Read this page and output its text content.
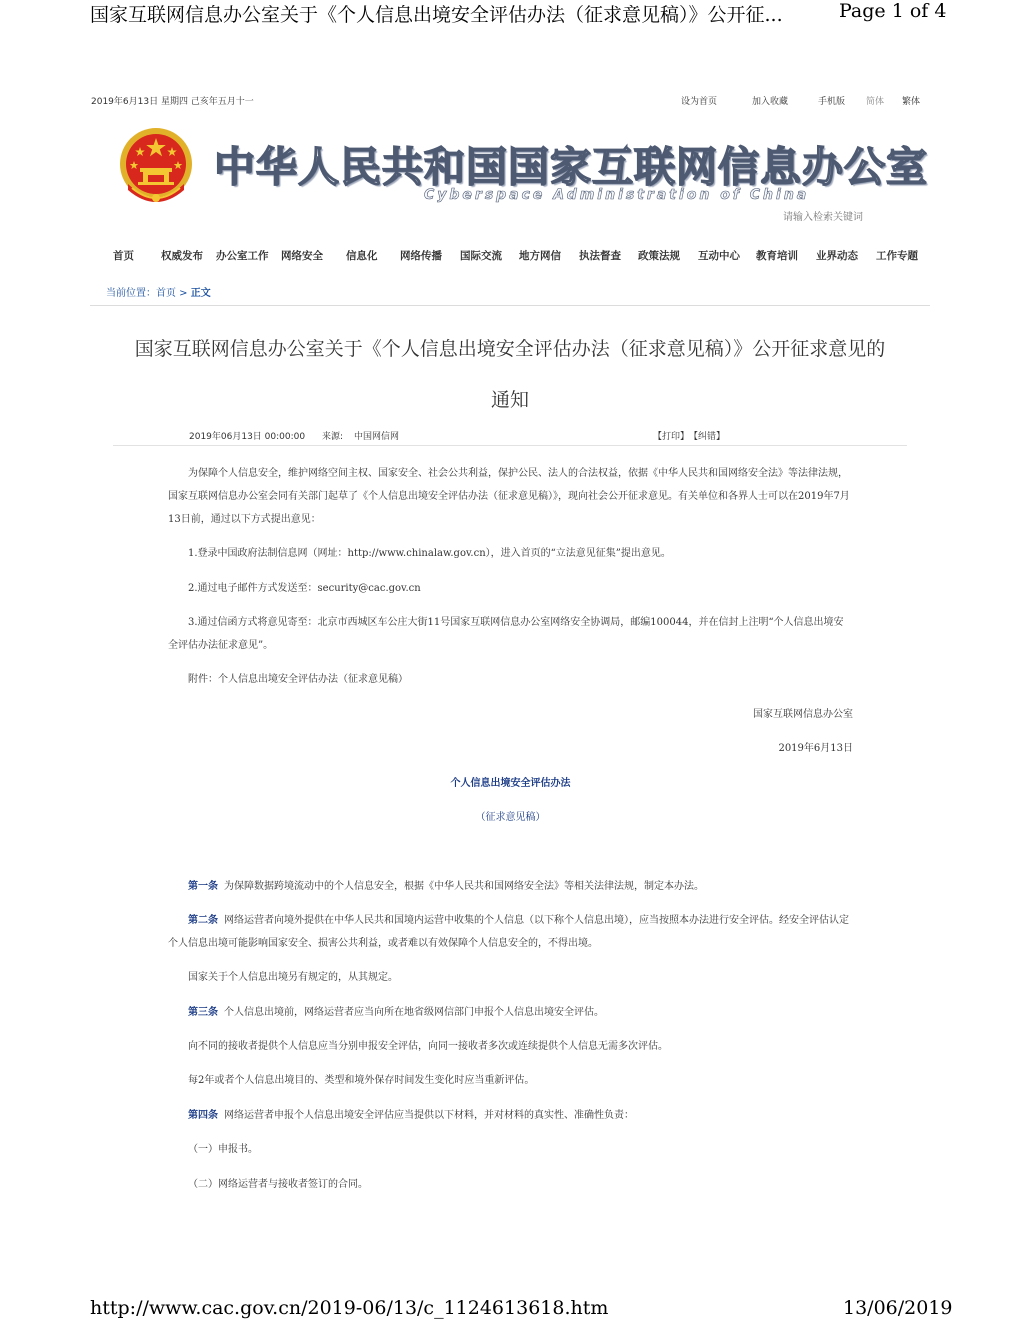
国家互联网信息办公室关于《个人信息出境安全评估办法（征求意见稿）》公开征...	Page 1 of 4
http://www.cac.gov.cn/2019-06/13/c_1124613618.htm	13/06/2019
2019年6月13日 星期四 己亥年五月十一	设为首页	加入收藏	手机版 简体 繁体
中华人民共和国国家互联网信息办公室
Cyberspace Administration of China
请输入检索关键词
首页	权威发布 办公室工作 网络安全 信息化 网络传播 国际交流 地方网信 执法督查 政策法规 互动中心 教育培训 业界动态 工作专题
当前位置：首页 > 正文
国家互联网信息办公室关于《个人信息出境安全评估办法（征求意见稿）》公开征求意见的
通知
2019年06月13日 00:00:00 来源: 中国网信网	【打印】 【纠错】
为保障个人信息安全，维护网络空间主权、国家安全、社会公共利益，保护公民、法人的合法权益，依据《中华人民共和国网络安全法》等法律法规，国家互联网信息办公室会同有关部门起草了《个人信息出境安全评估办法（征求意见稿）》，现向社会公开征求意见。有关单位和各界人士可以在2019年7月13日前，通过以下方式提出意见：
1.登录中国政府法制信息网（网址：http://www.chinalaw.gov.cn），进入首页的“立法意见征集”提出意见。
2.通过电子邮件方式发送至：security@cac.gov.cn
3.通过信函方式将意见寄至：北京市西城区车公庄大街11号国家互联网信息办公室网络安全协调局，邮编100044，并在信封上注明“个人信息出境安全评估办法征求意见”。
附件：个人信息出境安全评估办法（征求意见稿）
国家互联网信息办公室
2019年6月13日
个人信息出境安全评估办法
（征求意见稿）
第一条 为保障数据跨境流动中的个人信息安全，根据《中华人民共和国网络安全法》等相关法律法规，制定本办法。
第二条 网络运营者向境外提供在中华人民共和国境内运营中收集的个人信息（以下称个人信息出境），应当按照本办法进行安全评估。经安全评估认定个人信息出境可能影响国家安全、损害公共利益，或者难以有效保障个人信息安全的，不得出境。
国家关于个人信息出境另有规定的，从其规定。
第三条 个人信息出境前，网络运营者应当向所在地省级网信部门申报个人信息出境安全评估。
向不同的接收者提供个人信息应当分别申报安全评估，向同一接收者多次或连续提供个人信息无需多次评估。
每2年或者个人信息出境目的、类型和境外保存时间发生变化时应当重新评估。
第四条 网络运营者申报个人信息出境安全评估应当提供以下材料，并对材料的真实性、准确性负责：
（一）申报书。
（二）网络运营者与接收者签订的合同。
